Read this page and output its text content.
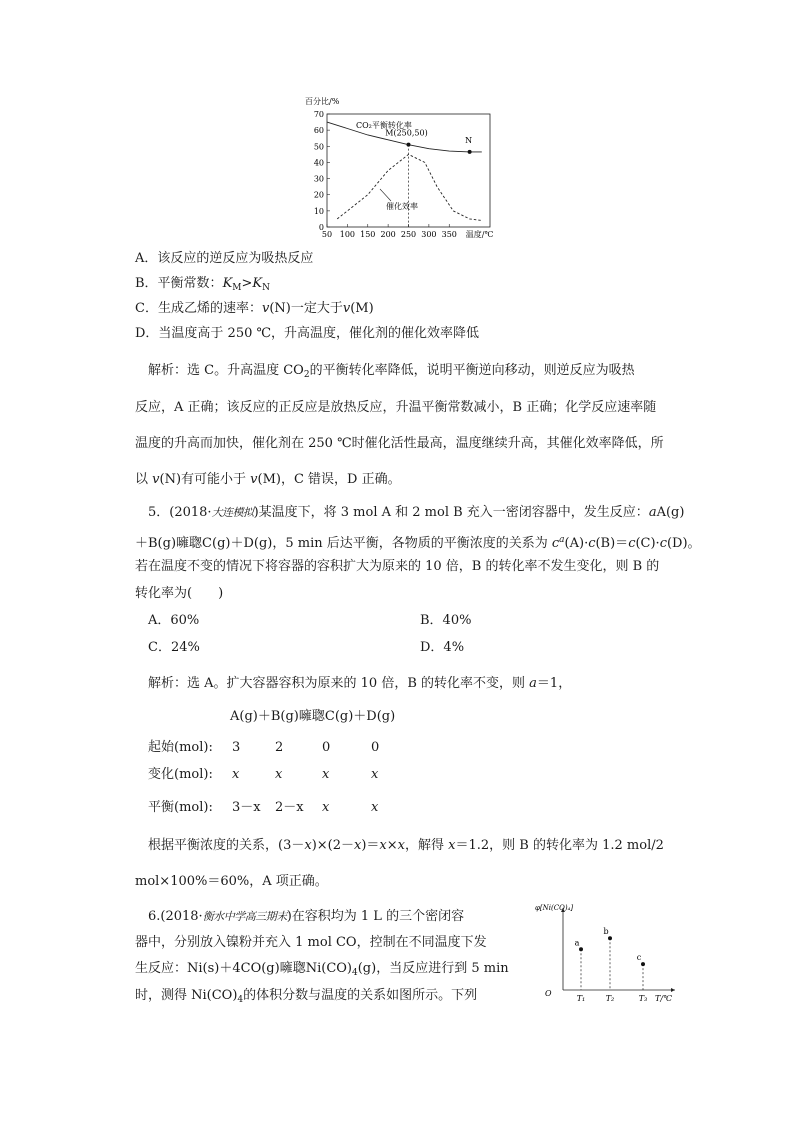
百分比/%
0
10
20
30
40
50
60
70
50 100 150 200 250 300 350 温度/℃
M(250,50)
N
CO₂平衡转化率
催化效率
A．该反应的逆反应为吸热反应
B．平衡常数：$K_M>K_N$
C．生成乙烯的速率：v(N)一定大于v(M)
D．当温度高于 250 ℃，升高温度，催化剂的催化效率降低
解析：选 C。升高温度 $CO_2$的平衡转化率降低，说明平衡逆向移动，则逆反应为吸热
反应，A 正确；该反应的正反应是放热反应，升温平衡常数减小，B 正确；化学反应速率随
温度的升高而加快，催化剂在 250 ℃时催化活性最高，温度继续升高，其催化效率降低，所
以 v(N)有可能小于 v(M)，C 错误，D 正确。
5．(2018·大连模拟)某温度下，将 3 mol A 和 2 mol B 充入一密闭容器中，发生反应：aA(g)
＋B(g)噰聦C(g)＋D(g)，5 min 后达平衡，各物质的平衡浓度的关系为 $c^a(A)\cdot c(B)=c(C)\cdot c(D)$。
若在温度不变的情况下将容器的容积扩大为原来的 10 倍，B 的转化率不发生变化，则 B 的
转化率为(　　)
A．60%	B．40%
C．24%	D．4%
解析：选 A。扩大容器容积为原来的 10 倍，B 的转化率不变，则 a＝1，
A(g)＋B(g)噰聦C(g)＋D(g)
起始(mol): 3	2	0	0
变化(mol): x	x	x	x
平衡(mol): 3－x 2－x x	x
根据平衡浓度的关系，(3－x)×(2－x)＝x×x，解得 x＝1.2，则 B 的转化率为 1.2 mol/2
mol×100%＝60%，A 项正确。
6.(2018·衡水中学高三期末)在容积均为 1 L 的三个密闭容
器中，分别放入镍粉并充入 1 mol CO，控制在不同温度下发
生反应：Ni(s)＋4CO(g)噰聦$Ni(CO)_4(g)$，当反应进行到 5 min
时，测得 $Ni(CO)_4$的体积分数与温度的关系如图所示。下列
φ[Ni(CO)₄]
O
T₁	T₂	T₃ T/℃
a
b
c
